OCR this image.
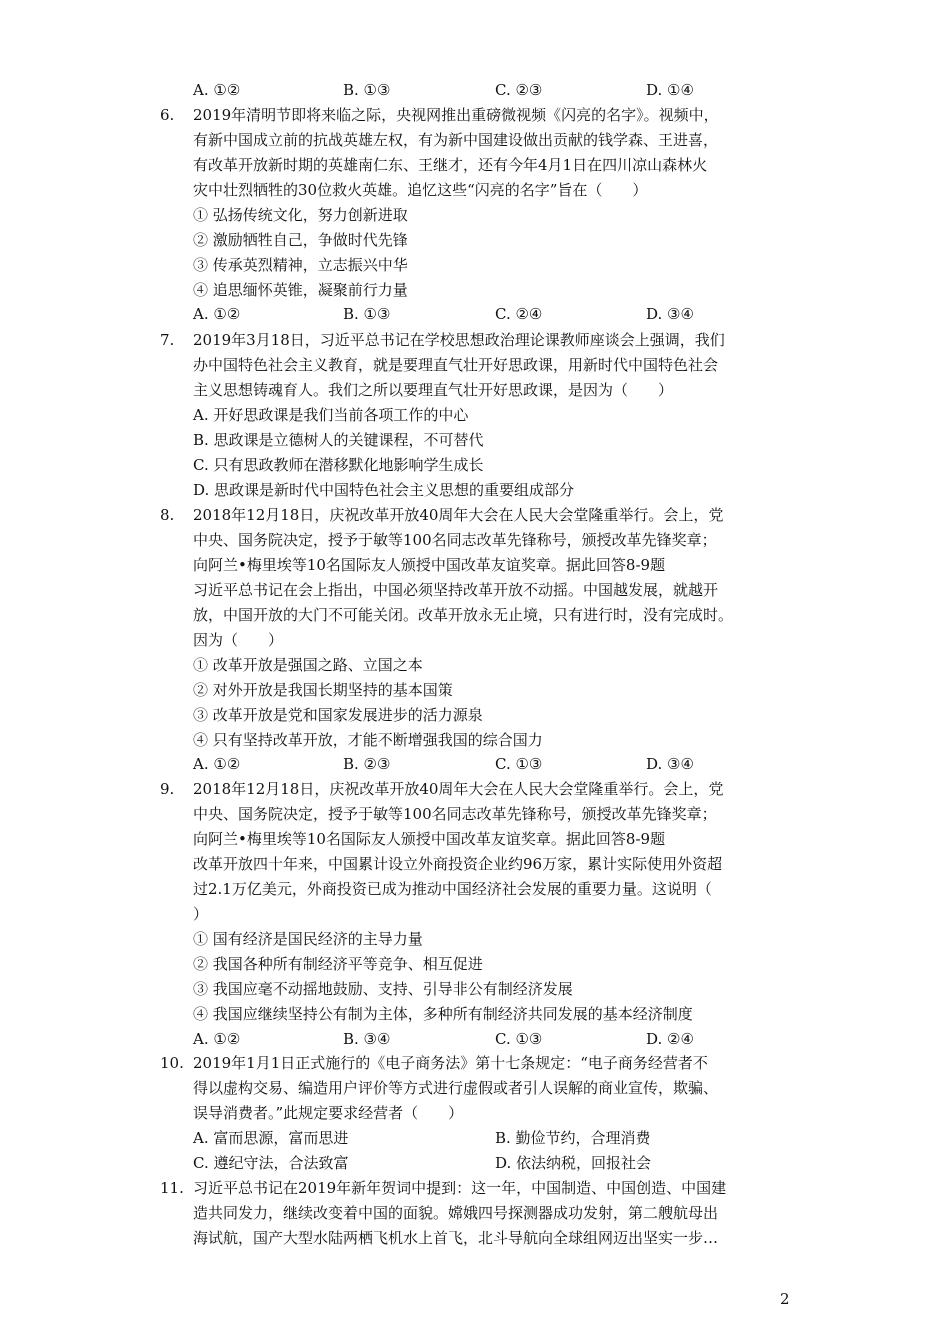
A. ①②	B. ①③	C. ②③	D. ①④
6. 2019年清明节即将来临之际，央视网推出重磅微视频《闪亮的名字》。视频中，
有新中国成立前的抗战英雄左权，有为新中国建设做出贡献的钱学森、王进喜，
有改革开放新时期的英雄南仁东、王继才，还有今年4月1日在四川凉山森林火
灾中壮烈牺牲的30位救火英雄。追忆这些“闪亮的名字”旨在（　　）
① 弘扬传统文化，努力创新进取
② 激励牺牲自己，争做时代先锋
③ 传承英烈精神，立志振兴中华
④ 追思缅怀英锥，凝聚前行力量
A. ①②	B. ①③	C. ②④	D. ③④
7. 2019年3月18日，习近平总书记在学校思想政治理论课教师座谈会上强调，我们
办中国特色社会主义教育，就是要理直气壮开好思政课，用新时代中国特色社会
主义思想铸魂育人。我们之所以要理直气壮开好思政课，是因为（　　）
A. 开好思政课是我们当前各项工作的中心
B. 思政课是立德树人的关键课程，不可替代
C. 只有思政教师在潜移默化地影响学生成长
D. 思政课是新时代中国特色社会主义思想的重要组成部分
8. 2018年12月18日，庆祝改革开放40周年大会在人民大会堂隆重举行。会上，党
中央、国务院决定，授予于敏等100名同志改革先锋称号，颁授改革先锋奖章；
向阿兰•梅里埃等10名国际友人颁授中国改革友谊奖章。据此回答8-9题
习近平总书记在会上指出，中国必须坚持改革开放不动摇。中国越发展，就越开
放，中国开放的大门不可能关闭。改革开放永无止境，只有进行时，没有完成时。
因为（　　）
① 改革开放是强国之路、立国之本
② 对外开放是我国长期坚持的基本国策
③ 改革开放是党和国家发展进步的活力源泉
④ 只有坚持改革开放，才能不断增强我国的综合国力
A. ①②	B. ②③	C. ①③	D. ③④
9. 2018年12月18日，庆祝改革开放40周年大会在人民大会堂隆重举行。会上，党
中央、国务院决定，授予于敏等100名同志改革先锋称号，颁授改革先锋奖章；
向阿兰•梅里埃等10名国际友人颁授中国改革友谊奖章。据此回答8-9题
改革开放四十年来，中国累计设立外商投资企业约96万家，累计实际使用外资超
过2.1万亿美元，外商投资已成为推动中国经济社会发展的重要力量。这说明（
）
① 国有经济是国民经济的主导力量
② 我国各种所有制经济平等竞争、相互促进
③ 我国应毫不动摇地鼓励、支持、引导非公有制经济发展
④ 我国应继续坚持公有制为主体，多种所有制经济共同发展的基本经济制度
A. ①②	B. ③④	C. ①③	D. ②④
10. 2019年1月1日正式施行的《电子商务法》第十七条规定：“电子商务经营者不
得以虚构交易、编造用户评价等方式进行虚假或者引人误解的商业宣传，欺骗、
误导消费者。”此规定要求经营者（　　）
A. 富而思源，富而思进	B. 勤俭节约，合理消费
C. 遵纪守法，合法致富	D. 依法纳税，回报社会
11. 习近平总书记在2019年新年贺词中提到：这一年，中国制造、中国创造、中国建
造共同发力，继续改变着中国的面貌。嫦娥四号探测器成功发射，第二艘航母出
海试航，国产大型水陆两栖飞机水上首飞，北斗导航向全球组网迈出坚实一步…
2
